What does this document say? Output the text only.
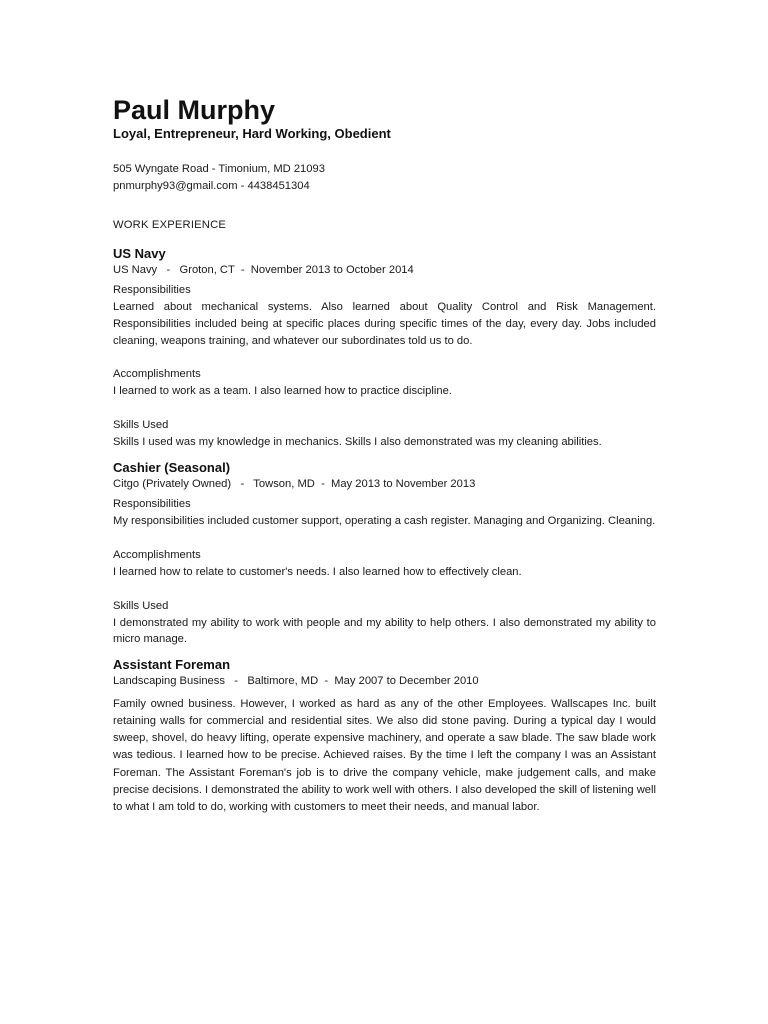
Paul Murphy

Loyal, Entrepreneur, Hard Working, Obedient

505 Wyngate Road - Timonium, MD 21093
pnmurphy93@gmail.com - 4438451304
WORK EXPERIENCE
US Navy
US Navy   -   Groton, CT  -  November 2013 to October 2014
Responsibilities
Learned about mechanical systems. Also learned about Quality Control and Risk Management. Responsibilities included being at specific places during specific times of the day, every day. Jobs included cleaning, weapons training, and whatever our subordinates told us to do.
Accomplishments
I learned to work as a team. I also learned how to practice discipline.
Skills Used
Skills I used was my knowledge in mechanics. Skills I also demonstrated was my cleaning abilities.
Cashier (Seasonal)
Citgo (Privately Owned)   -   Towson, MD  -  May 2013 to November 2013
Responsibilities
My responsibilities included customer support, operating a cash register. Managing and Organizing. Cleaning.
Accomplishments
I learned how to relate to customer's needs. I also learned how to effectively clean.
Skills Used
I demonstrated my ability to work with people and my ability to help others. I also demonstrated my ability to micro manage.
Assistant Foreman
Landscaping Business   -   Baltimore, MD  -  May 2007 to December 2010
Family owned business. However, I worked as hard as any of the other Employees. Wallscapes Inc. built retaining walls for commercial and residential sites. We also did stone paving. During a typical day I would sweep, shovel, do heavy lifting, operate expensive machinery, and operate a saw blade. The saw blade work was tedious. I learned how to be precise. Achieved raises. By the time I left the company I was an Assistant Foreman. The Assistant Foreman's job is to drive the company vehicle, make judgement calls, and make precise decisions. I demonstrated the ability to work well with others. I also developed the skill of listening well to what I am told to do, working with customers to meet their needs, and manual labor.
